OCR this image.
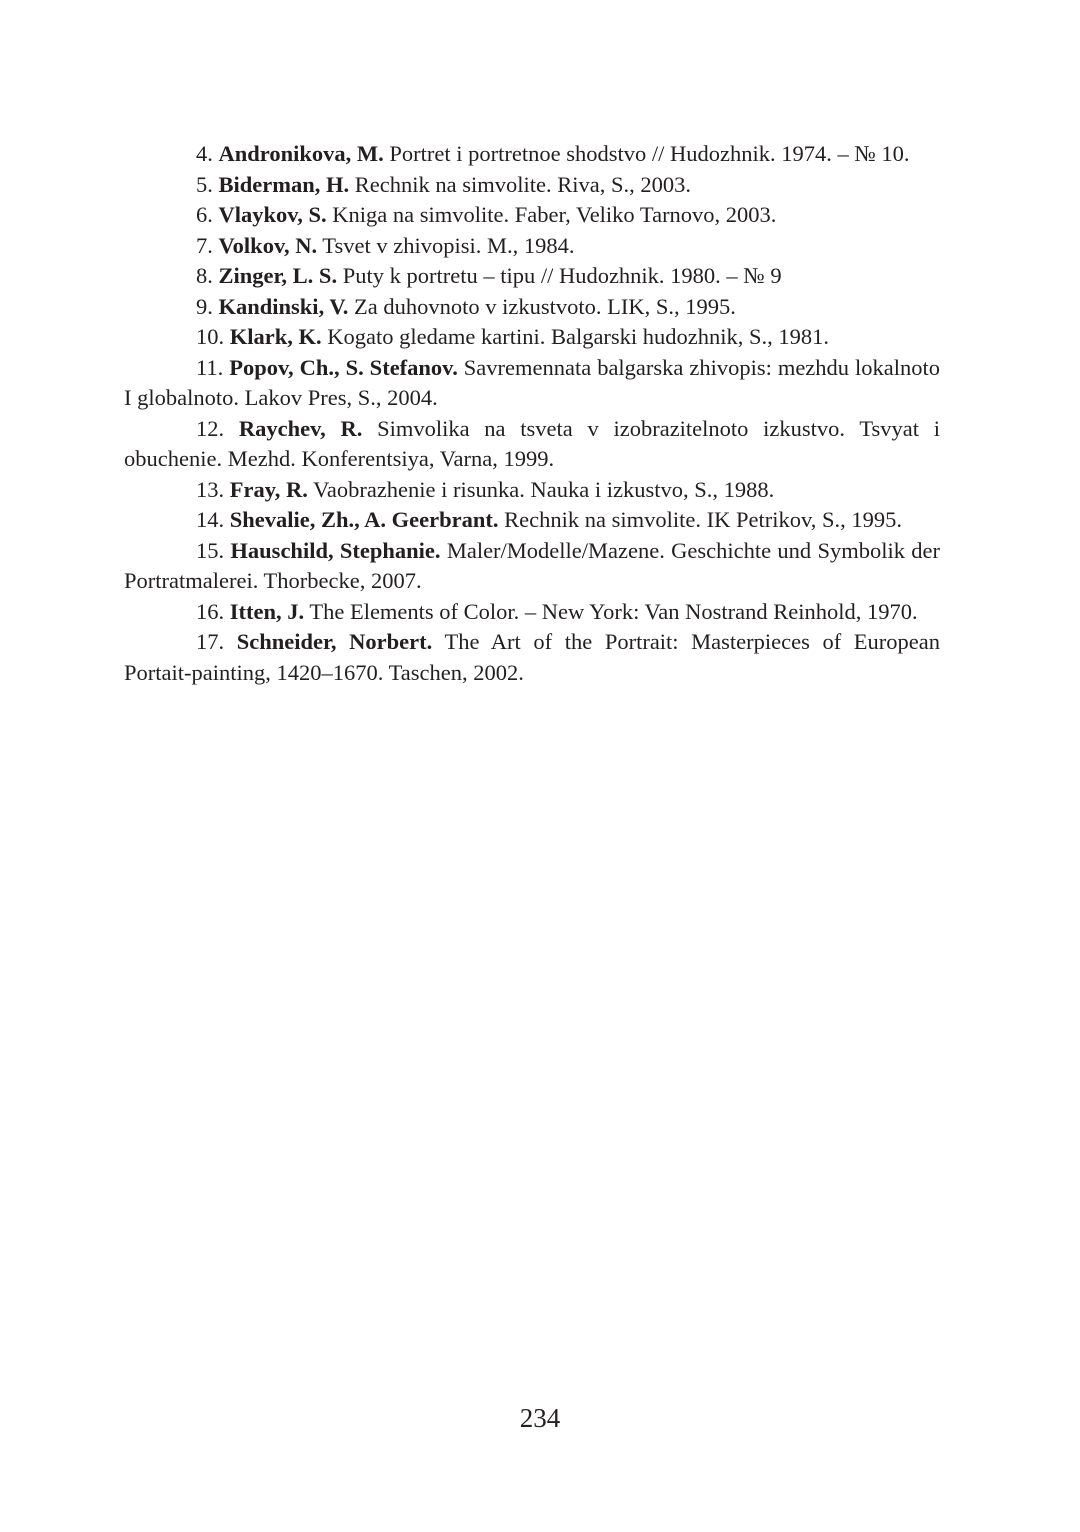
4. Andronikova, M. Portret i portretnoe shodstvo // Hudozhnik. 1974. – № 10.

5. Biderman, H. Rechnik na simvolite. Riva, S., 2003.

6. Vlaykov, S. Kniga na simvolite. Faber, Veliko Tarnovo, 2003.

7. Volkov, N. Tsvet v zhivopisi. M., 1984.

8. Zinger, L. S. Puty k portretu – tipu // Hudozhnik. 1980. – № 9

9. Kandinski, V. Za duhovnoto v izkustvoto. LIK, S., 1995.

10. Klark, K. Kogato gledame kartini. Balgarski hudozhnik, S., 1981.

11. Popov, Ch., S. Stefanov. Savremennata balgarska zhivopis: mezhdu lokalnoto I globalnoto. Lakov Pres, S., 2004.

12. Raychev, R. Simvolika na tsveta v izobrazitelnoto izkustvo. Tsvyat i obuchenie. Mezhd. Konferentsiya, Varna, 1999.

13. Fray, R. Vaobrazhenie i risunka. Nauka i izkustvo, S., 1988.

14. Shevalie, Zh., A. Geerbrant. Rechnik na simvolite. IK Petrikov, S., 1995.

15. Hauschild, Stephanie. Maler/Modelle/Mazene. Geschichte und Symbolik der Portratmalerei. Thorbecke, 2007.

16. Itten, J. The Elements of Color. – New York: Van Nostrand Reinhold, 1970.

17. Schneider, Norbert. The Art of the Portrait: Masterpieces of European Portait-painting, 1420–1670. Taschen, 2002.

234
